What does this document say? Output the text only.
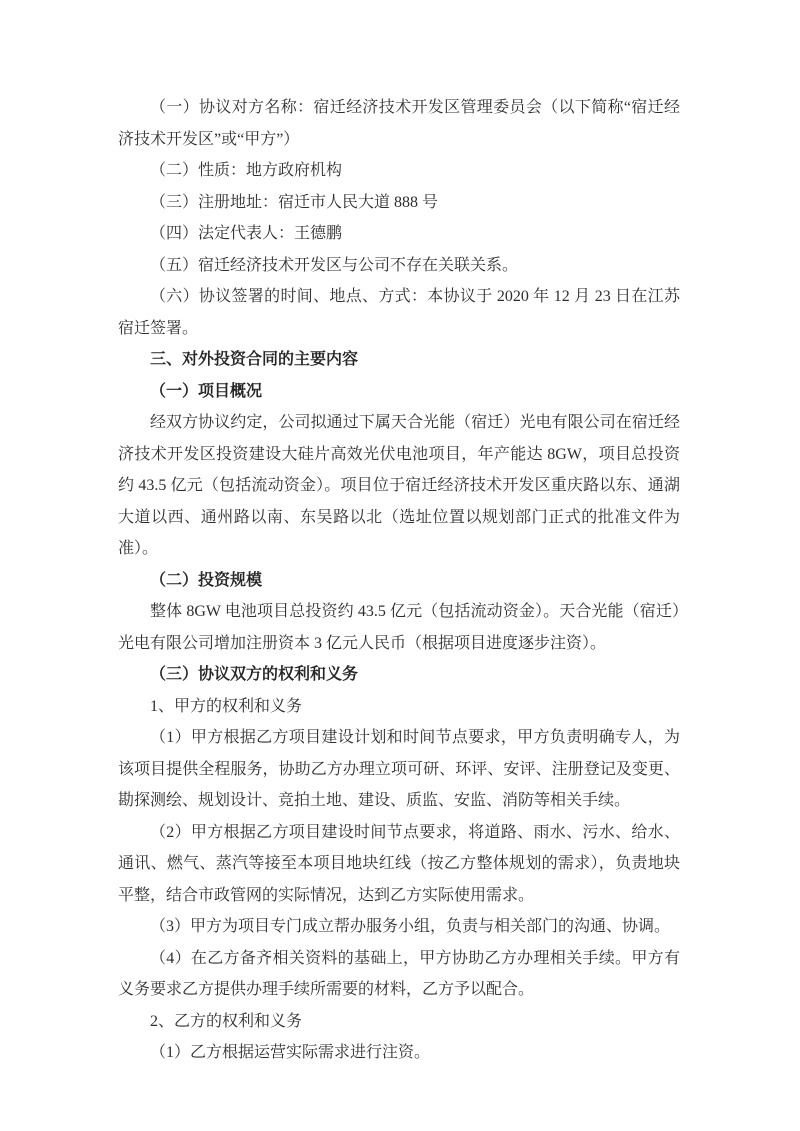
（一）协议对方名称：宿迁经济技术开发区管理委员会（以下简称“宿迁经济技术开发区”或“甲方”）

（二）性质：地方政府机构

（三）注册地址：宿迁市人民大道 888 号

（四）法定代表人：王德鹏

（五）宿迁经济技术开发区与公司不存在关联关系。

（六）协议签署的时间、地点、方式：本协议于 2020 年 12 月 23 日在江苏宿迁签署。

三、对外投资合同的主要内容

（一）项目概况

经双方协议约定，公司拟通过下属天合光能（宿迁）光电有限公司在宿迁经济技术开发区投资建设大硅片高效光伏电池项目，年产能达 8GW，项目总投资约 43.5 亿元（包括流动资金）。项目位于宿迁经济技术开发区重庆路以东、通湖大道以西、通州路以南、东吴路以北（选址位置以规划部门正式的批准文件为准）。

（二）投资规模

整体 8GW 电池项目总投资约 43.5 亿元（包括流动资金）。天合光能（宿迁）光电有限公司增加注册资本 3 亿元人民币（根据项目进度逐步注资）。

（三）协议双方的权利和义务

1、甲方的权利和义务

（1）甲方根据乙方项目建设计划和时间节点要求，甲方负责明确专人，为该项目提供全程服务，协助乙方办理立项可研、环评、安评、注册登记及变更、勘探测绘、规划设计、竞拍土地、建设、质监、安监、消防等相关手续。

（2）甲方根据乙方项目建设时间节点要求，将道路、雨水、污水、给水、通讯、燃气、蒸汽等接至本项目地块红线（按乙方整体规划的需求），负责地块平整，结合市政管网的实际情况，达到乙方实际使用需求。

（3）甲方为项目专门成立帮办服务小组，负责与相关部门的沟通、协调。

（4）在乙方备齐相关资料的基础上，甲方协助乙方办理相关手续。甲方有义务要求乙方提供办理手续所需要的材料，乙方予以配合。

2、乙方的权利和义务

（1）乙方根据运营实际需求进行注资。
